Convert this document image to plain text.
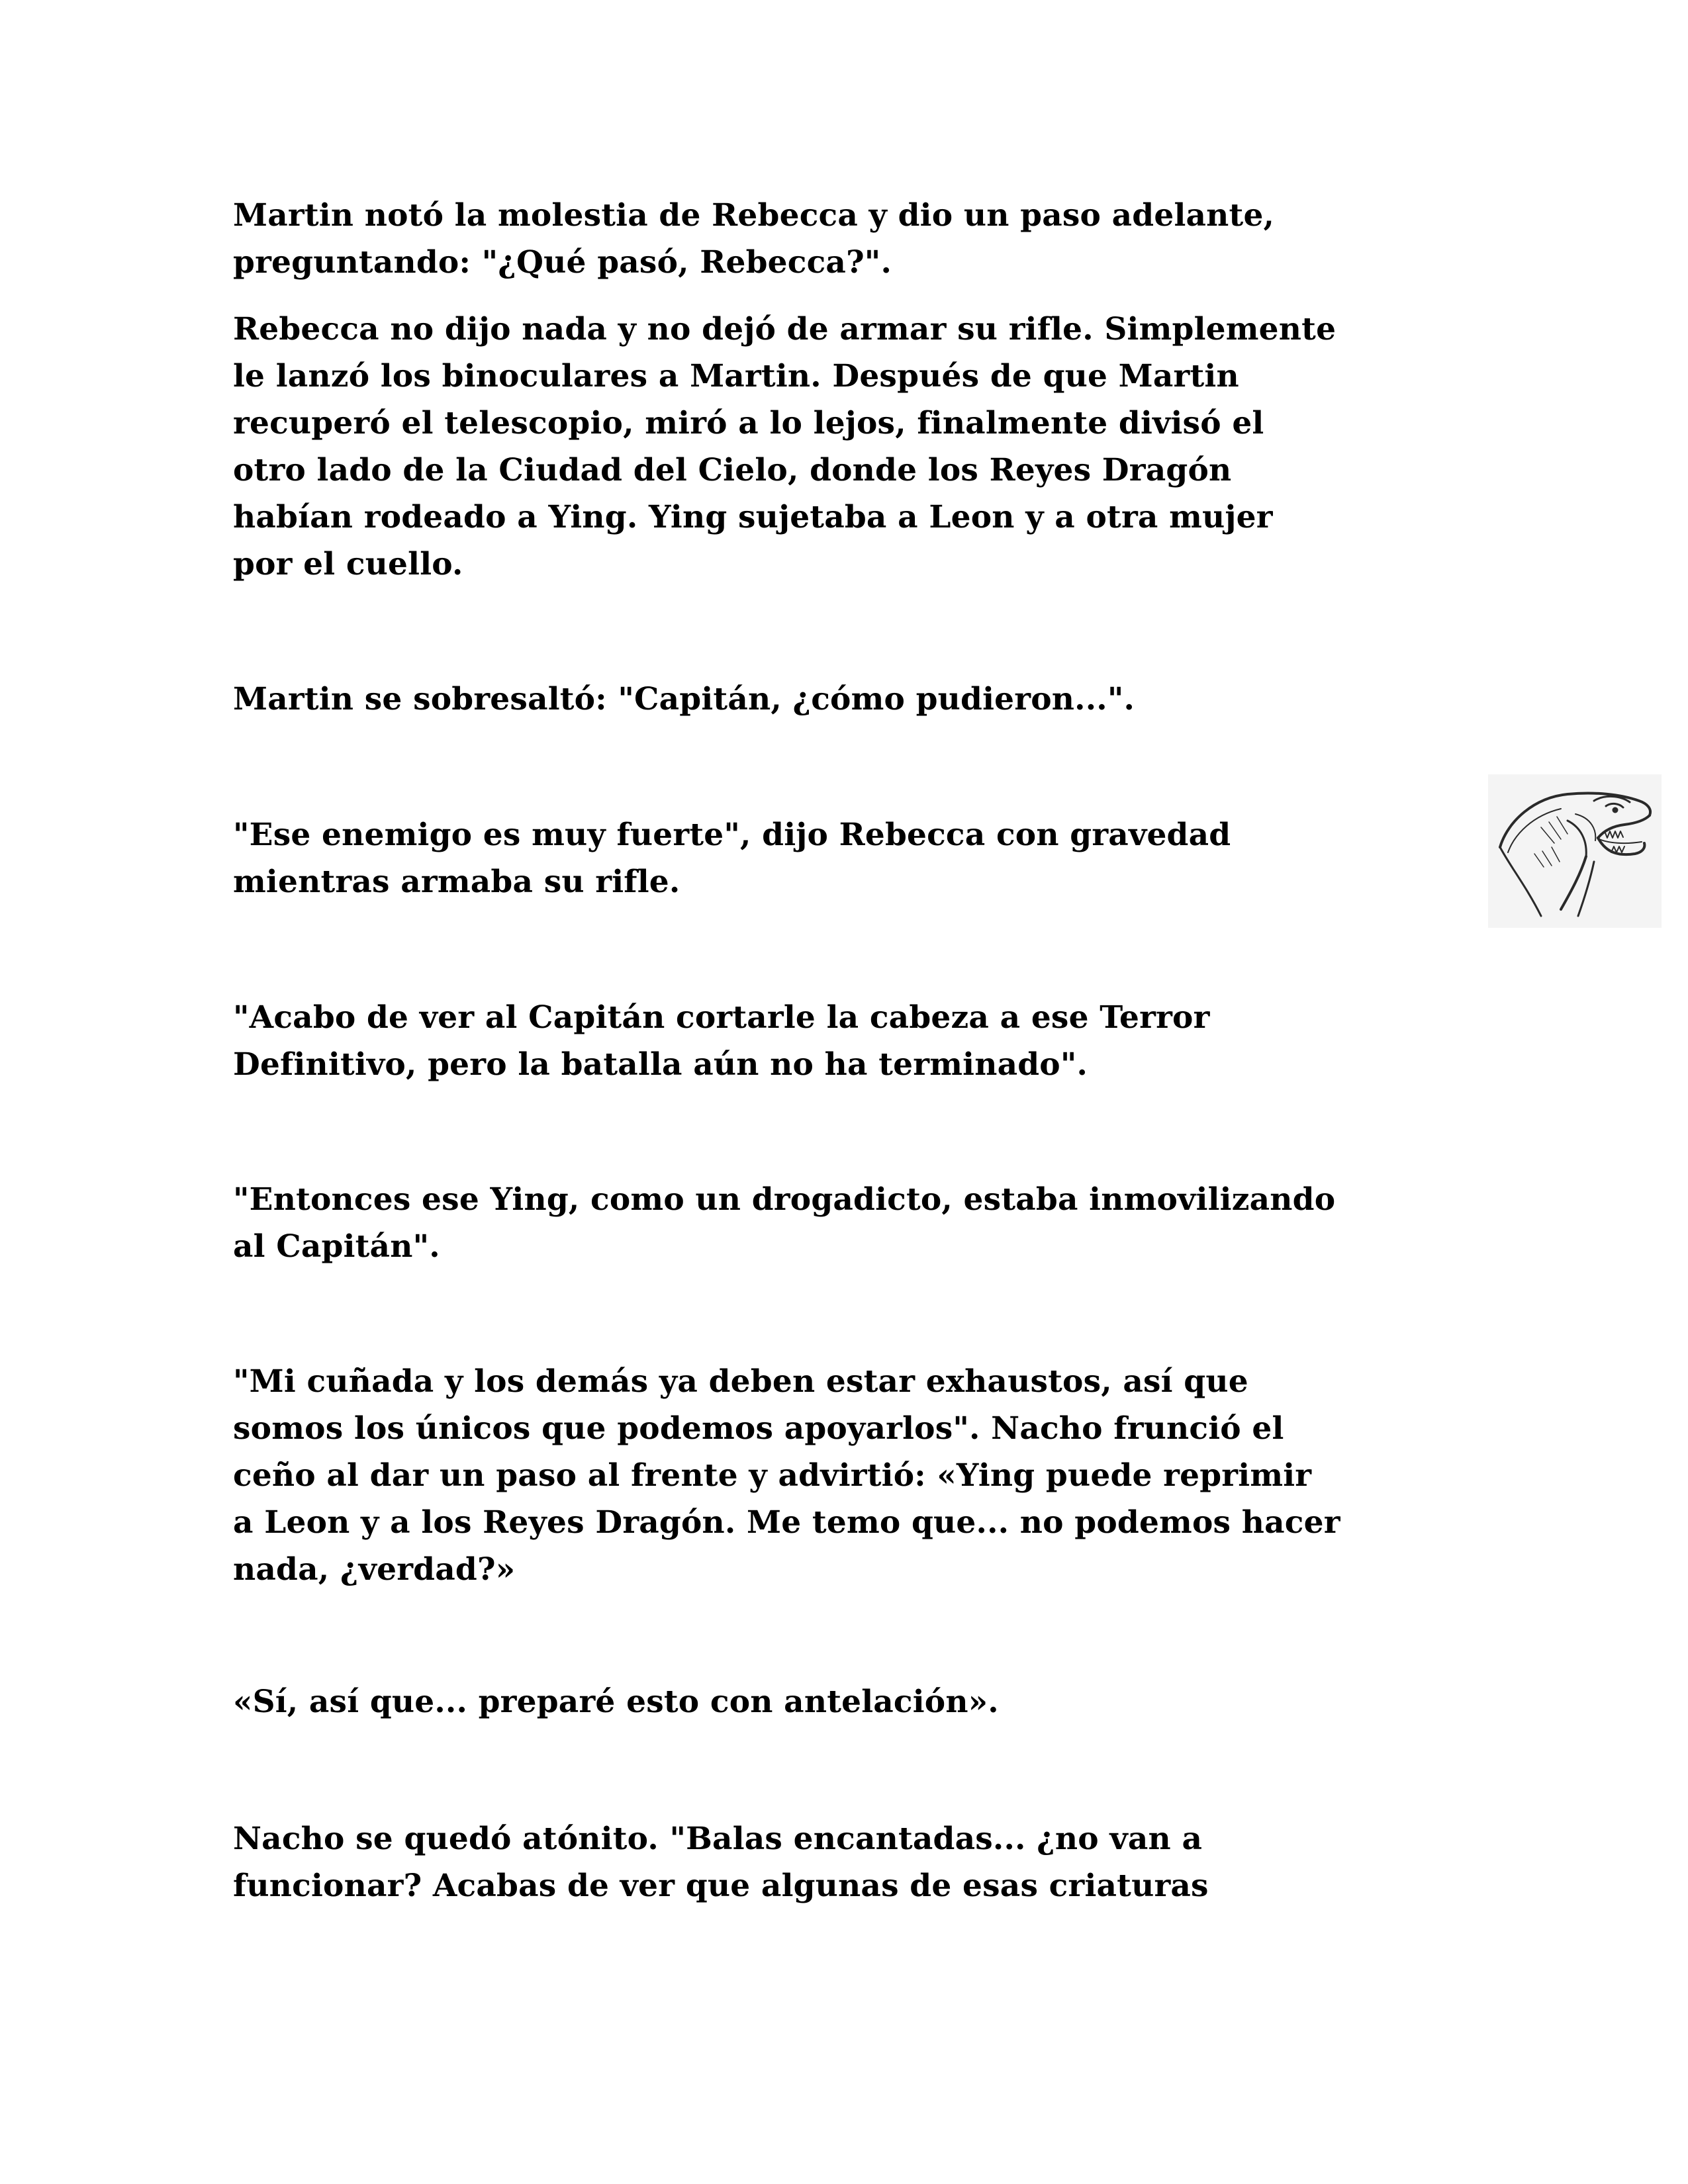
Martin notó la molestia de Rebecca y dio un paso adelante,
preguntando: "¿Qué pasó, Rebecca?".
Rebecca no dijo nada y no dejó de armar su rifle. Simplemente
le lanzó los binoculares a Martin. Después de que Martin
recuperó el telescopio, miró a lo lejos, finalmente divisó el
otro lado de la Ciudad del Cielo, donde los Reyes Dragón
habían rodeado a Ying. Ying sujetaba a Leon y a otra mujer
por el cuello.
Martin se sobresaltó: "Capitán, ¿cómo pudieron...".
"Ese enemigo es muy fuerte", dijo Rebecca con gravedad
mientras armaba su rifle.
"Acabo de ver al Capitán cortarle la cabeza a ese Terror
Definitivo, pero la batalla aún no ha terminado".
"Entonces ese Ying, como un drogadicto, estaba inmovilizando
al Capitán".
"Mi cuñada y los demás ya deben estar exhaustos, así que
somos los únicos que podemos apoyarlos". Nacho frunció el
ceño al dar un paso al frente y advirtió: «Ying puede reprimir
a Leon y a los Reyes Dragón. Me temo que... no podemos hacer
nada, ¿verdad?»
«Sí, así que... preparé esto con antelación».
Nacho se quedó atónito. "Balas encantadas... ¿no van a
funcionar? Acabas de ver que algunas de esas criaturas
